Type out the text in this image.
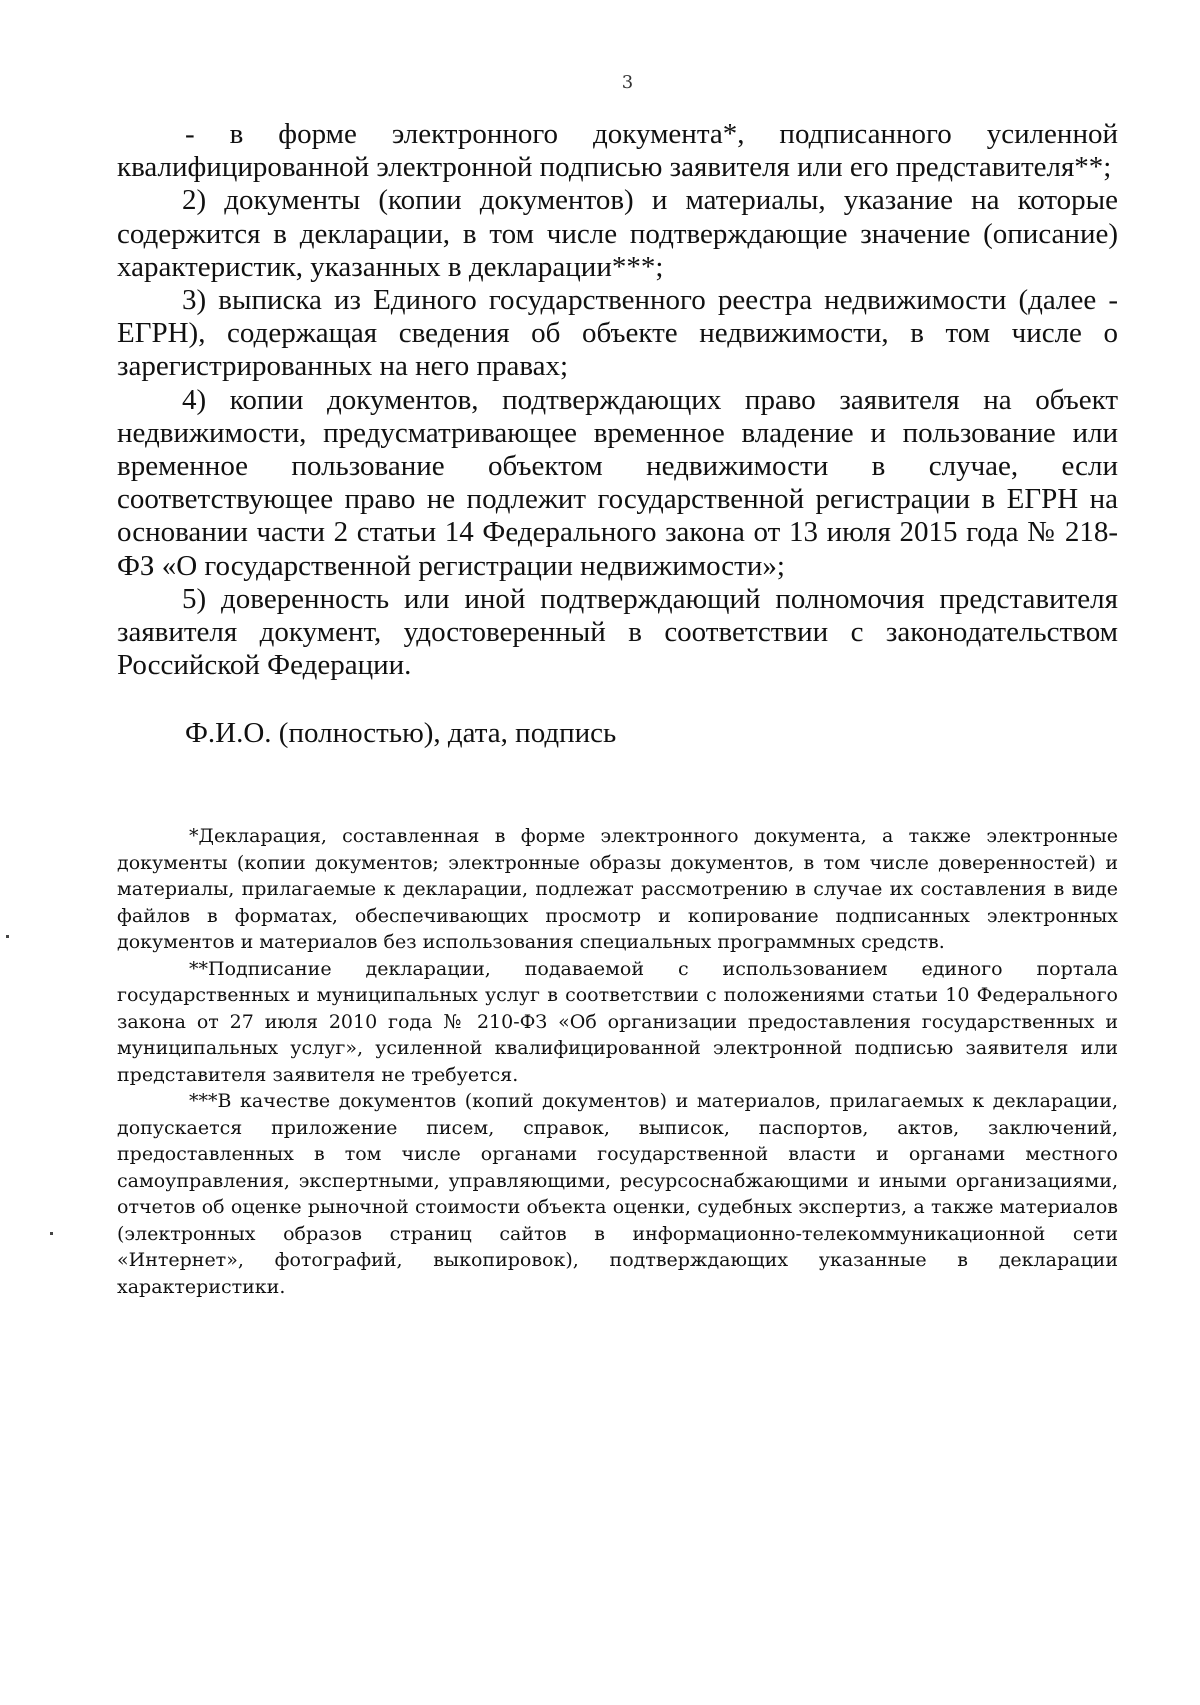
3

- в форме электронного документа*, подписанного усиленной квалифицированной электронной подписью заявителя или его представителя**;

2) документы (копии документов) и материалы, указание на которые содержится в декларации, в том числе подтверждающие значение (описание) характеристик, указанных в декларации***;

3) выписка из Единого государственного реестра недвижимости (далее - ЕГРН), содержащая сведения об объекте недвижимости, в том числе о зарегистрированных на него правах;

4) копии документов, подтверждающих право заявителя на объект недвижимости, предусматривающее временное владение и пользование или временное пользование объектом недвижимости в случае, если соответствующее право не подлежит государственной регистрации в ЕГРН на основании части 2 статьи 14 Федерального закона от 13 июля 2015 года № 218-ФЗ «О государственной регистрации недвижимости»;

5) доверенность или иной подтверждающий полномочия представителя заявителя документ, удостоверенный в соответствии с законодательством Российской Федерации.

Ф.И.О. (полностью), дата, подпись

*Декларация, составленная в форме электронного документа, а также электронные документы (копии документов; электронные образы документов, в том числе доверенностей) и материалы, прилагаемые к декларации, подлежат рассмотрению в случае их составления в виде файлов в форматах, обеспечивающих просмотр и копирование подписанных электронных документов и материалов без использования специальных программных средств.

**Подписание декларации, подаваемой с использованием единого портала государственных и муниципальных услуг в соответствии с положениями статьи 10 Федерального закона от 27 июля 2010 года № 210-ФЗ «Об организации предоставления государственных и муниципальных услуг», усиленной квалифицированной электронной подписью заявителя или представителя заявителя не требуется.

***В качестве документов (копий документов) и материалов, прилагаемых к декларации, допускается приложение писем, справок, выписок, паспортов, актов, заключений, предоставленных в том числе органами государственной власти и органами местного самоуправления, экспертными, управляющими, ресурсоснабжающими и иными организациями, отчетов об оценке рыночной стоимости объекта оценки, судебных экспертиз, а также материалов (электронных образов страниц сайтов в информационно-телекоммуникационной сети «Интернет», фотографий, выкопировок), подтверждающих указанные в декларации характеристики.
